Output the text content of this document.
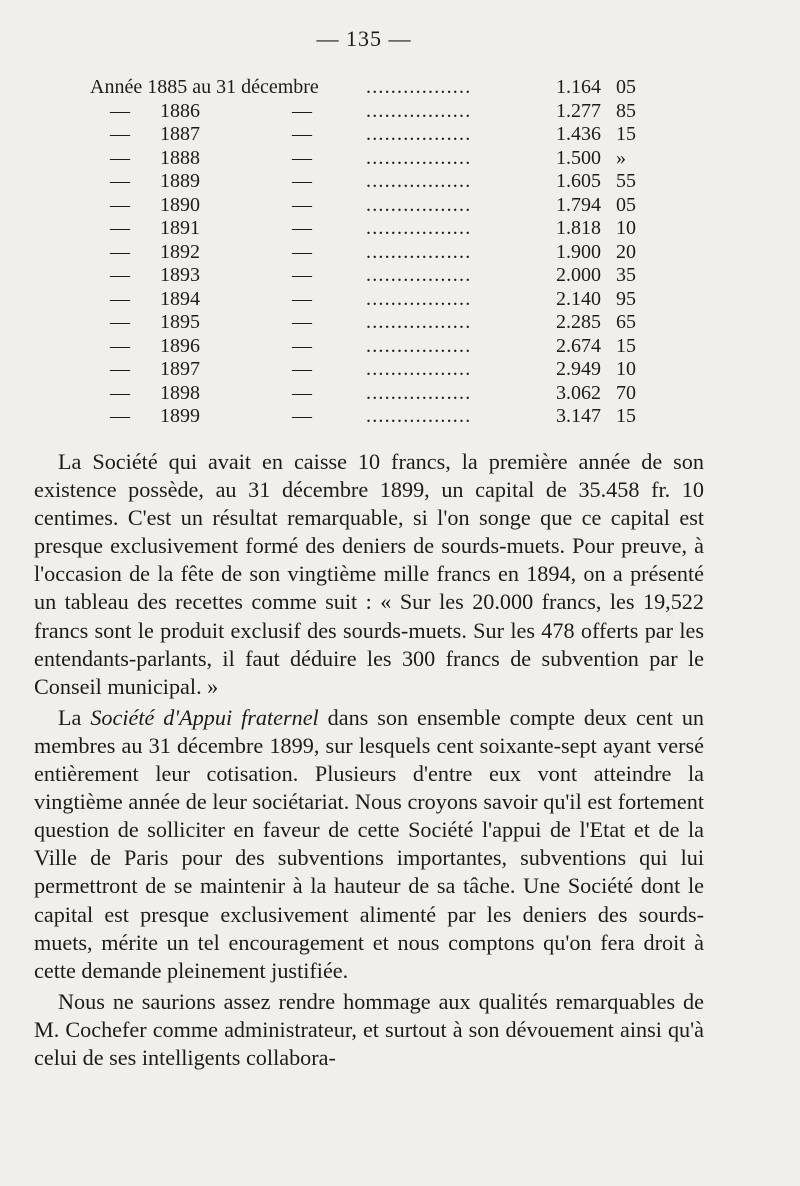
— 135 —
Année 1885 au 31 décembre .................	1.164 05
— 1886	—	.................	1.277 85
— 1887	—	.................	1.436 15
— 1888	—	.................	1.500 »
— 1889	—	.................	1.605 55
— 1890	—	.................	1.794 05
— 1891	—	.................	1.818 10
— 1892	—	.................	1.900 20
— 1893	—	.................	2.000 35
— 1894	—	.................	2.140 95
— 1895	—	.................	2.285 65
— 1896	—	.................	2.674 15
— 1897	—	.................	2.949 10
— 1898	—	.................	3.062 70
— 1899	—	.................	3.147 15

La Société qui avait en caisse 10 francs, la première année de son existence possède, au 31 décembre 1899, un capital de 35.458 fr. 10 centimes. C'est un résultat remarquable, si l'on songe que ce capital est presque exclusivement formé des deniers de sourds-muets. Pour preuve, à l'occasion de la fête de son vingtième mille francs en 1894, on a présenté un tableau des recettes comme suit : « Sur les 20.000 francs, les 19,522 francs sont le produit exclusif des sourds-muets. Sur les 478 offerts par les entendants-parlants, il faut déduire les 300 francs de subvention par le Conseil municipal. »

La Société d'Appui fraternel dans son ensemble compte deux cent un membres au 31 décembre 1899, sur lesquels cent soixante-sept ayant versé entièrement leur cotisation. Plusieurs d'entre eux vont atteindre la vingtième année de leur sociétariat. Nous croyons savoir qu'il est fortement question de solliciter en faveur de cette Société l'appui de l'Etat et de la Ville de Paris pour des subventions importantes, subventions qui lui permettront de se maintenir à la hauteur de sa tâche. Une Société dont le capital est presque exclusivement alimenté par les deniers des sourds-muets, mérite un tel encouragement et nous comptons qu'on fera droit à cette demande pleinement justifiée.

Nous ne saurions assez rendre hommage aux qualités remarquables de M. Cochefer comme administrateur, et surtout à son dévouement ainsi qu'à celui de ses intelligents collabora-
